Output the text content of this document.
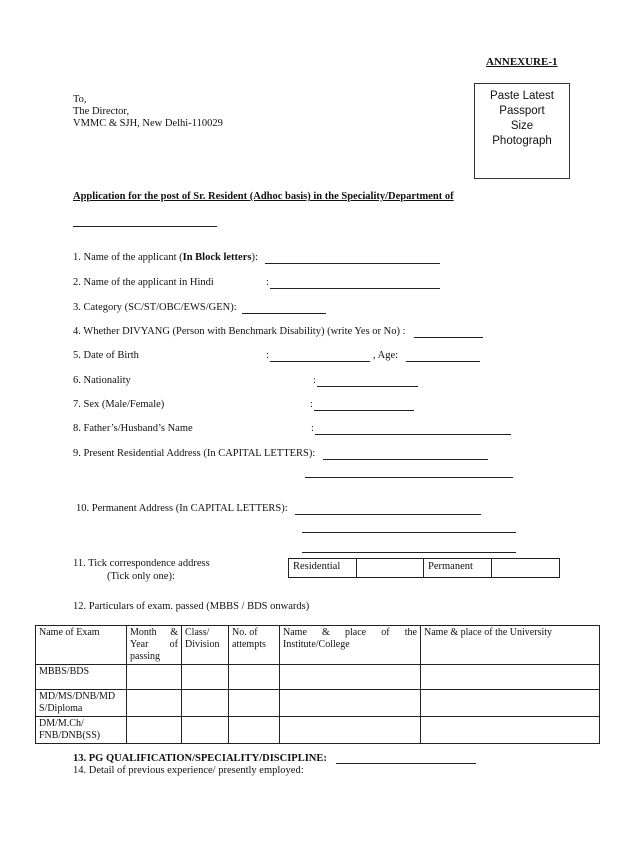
ANNEXURE-1
To,
The Director,
VMMC & SJH, New Delhi-110029
Paste Latest
Passport
Size
Photograph
Application for the post of Sr. Resident (Adhoc basis) in the Speciality/Department of
1. Name of the applicant (In Block letters):
2. Name of the applicant in Hindi	:
3. Category (SC/ST/OBC/EWS/GEN):
4. Whether DIVYANG (Person with Benchmark Disability) (write Yes or No) :
5. Date of Birth	:	, Age:
6. Nationality	:
7. Sex (Male/Female)	:
8. Father’s/Husband’s Name	:
9. Present Residential Address (In CAPITAL LETTERS):
10. Permanent Address (In CAPITAL LETTERS):
11. Tick correspondence address
(Tick only one):
Residential	Permanent
12. Particulars of exam. passed (MBBS / BDS onwards)
Name of Exam	Month & Year of passing	Class/ Division	No. of attempts	Name & place of the Institute/College	Name & place of the University
MBBS/BDS					
MD/MS/DNB/MDS/Diploma					
DM/M.Ch/ FNB/DNB(SS)					
13. PG QUALIFICATION/SPECIALITY/DISCIPLINE:
14. Detail of previous experience/ presently employed:
